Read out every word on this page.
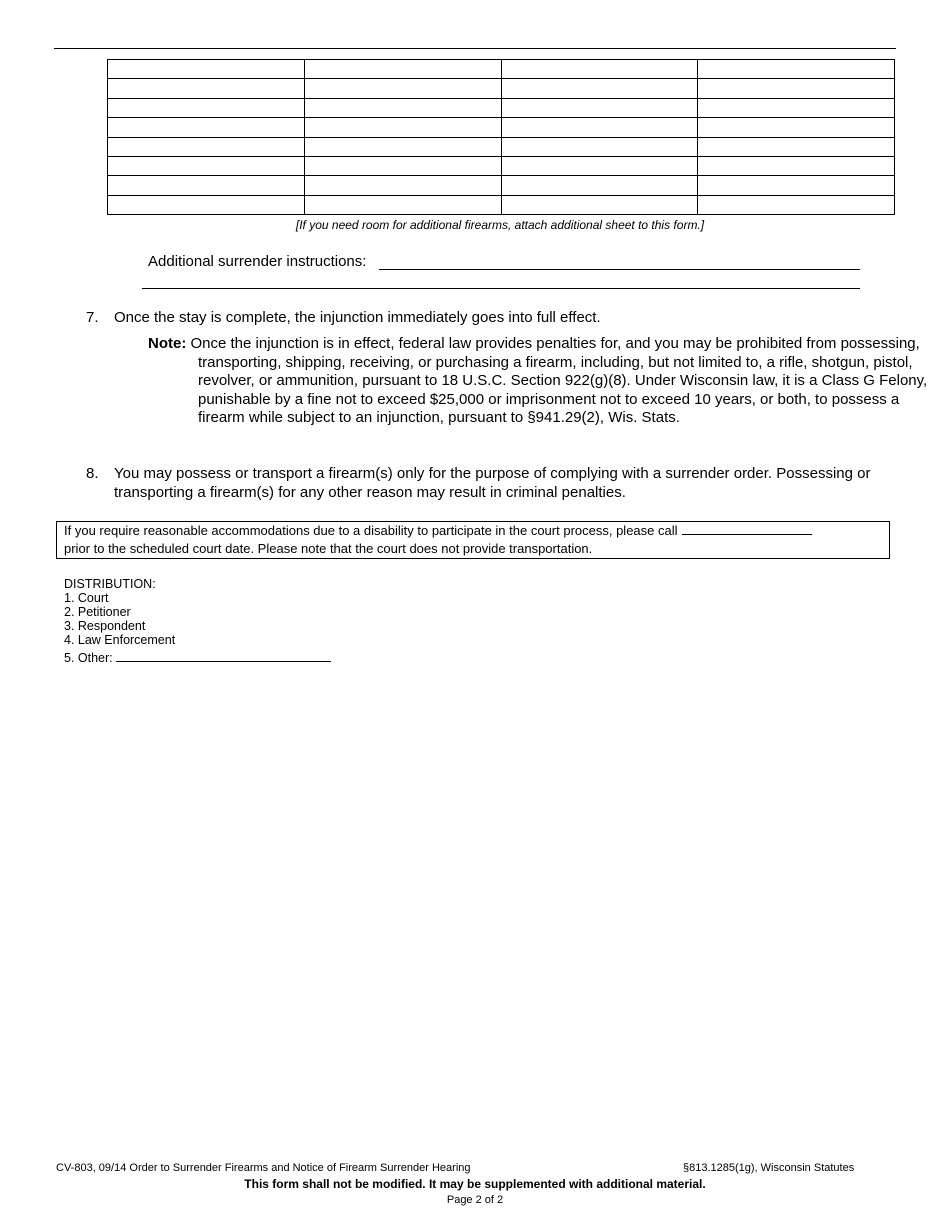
[If you need room for additional firearms, attach additional sheet to this form.]
Additional surrender instructions:
7. Once the stay is complete, the injunction immediately goes into full effect.
Note: Once the injunction is in effect, federal law provides penalties for, and you may be prohibited from possessing, transporting, shipping, receiving, or purchasing a firearm, including, but not limited to, a rifle, shotgun, pistol, revolver, or ammunition, pursuant to 18 U.S.C. Section 922(g)(8). Under Wisconsin law, it is a Class G Felony, punishable by a fine not to exceed $25,000 or imprisonment not to exceed 10 years, or both, to possess a firearm while subject to an injunction, pursuant to §941.29(2), Wis. Stats.
8. You may possess or transport a firearm(s) only for the purpose of complying with a surrender order. Possessing or transporting a firearm(s) for any other reason may result in criminal penalties.
If you require reasonable accommodations due to a disability to participate in the court process, please call
prior to the scheduled court date. Please note that the court does not provide transportation.
DISTRIBUTION:
1. Court
2. Petitioner
3. Respondent
4. Law Enforcement
5. Other:
CV-803, 09/14 Order to Surrender Firearms and Notice of Firearm Surrender Hearing	§813.1285(1g), Wisconsin Statutes
This form shall not be modified. It may be supplemented with additional material.
Page 2 of 2
